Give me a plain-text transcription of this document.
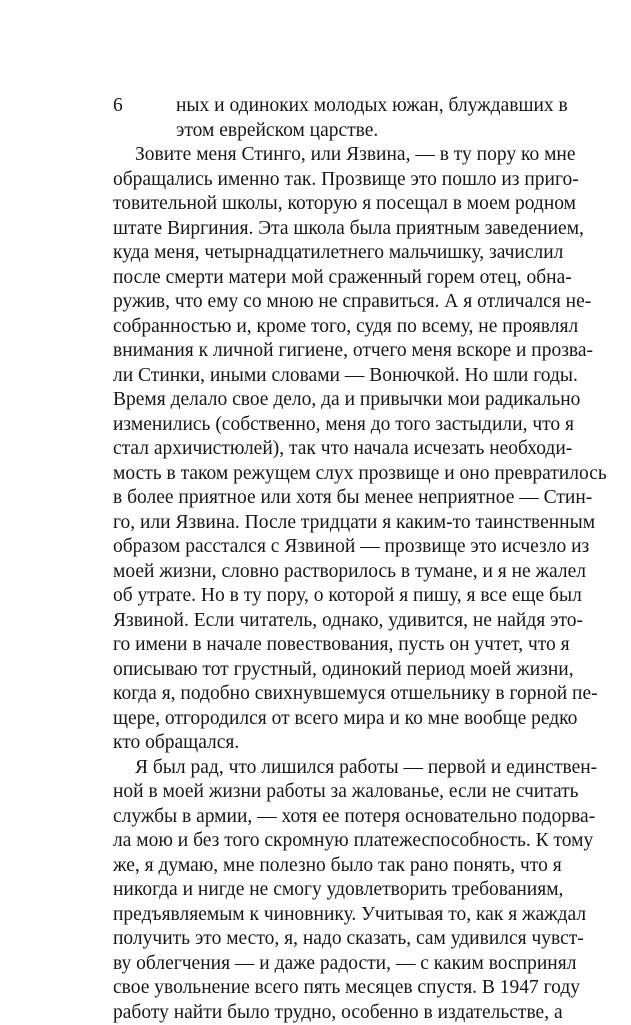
6	ных и одиноких молодых южан, блуждавших в
этом еврейском царстве.
Зовите меня Стинго, или Язвина, — в ту пору ко мне
обращались именно так. Прозвище это пошло из приго-
товительной школы, которую я посещал в моем родном
штате Виргиния. Эта школа была приятным заведением,
куда меня, четырнадцатилетнего мальчишку, зачислил
после смерти матери мой сраженный горем отец, обна-
ружив, что ему со мною не справиться. А я отличался не-
собранностью и, кроме того, судя по всему, не проявлял
внимания к личной гигиене, отчего меня вскоре и прозва-
ли Стинки, иными словами — Вонючкой. Но шли годы.
Время делало свое дело, да и привычки мои радикально
изменились (собственно, меня до того застыдили, что я
стал архичистюлей), так что начала исчезать необходи-
мость в таком режущем слух прозвище и оно превратилось
в более приятное или хотя бы менее неприятное — Стин-
го, или Язвина. После тридцати я каким-то таинственным
образом расстался с Язвиной — прозвище это исчезло из
моей жизни, словно растворилось в тумане, и я не жалел
об утрате. Но в ту пору, о которой я пишу, я все еще был
Язвиной. Если читатель, однако, удивится, не найдя это-
го имени в начале повествования, пусть он учтет, что я
описываю тот грустный, одинокий период моей жизни,
когда я, подобно свихнувшемуся отшельнику в горной пе-
щере, отгородился от всего мира и ко мне вообще редко
кто обращался.
Я был рад, что лишился работы — первой и единствен-
ной в моей жизни работы за жалованье, если не считать
службы в армии, — хотя ее потеря основательно подорва-
ла мою и без того скромную платежеспособность. К тому
же, я думаю, мне полезно было так рано понять, что я
никогда и нигде не смогу удовлетворить требованиям,
предъявляемым к чиновнику. Учитывая то, как я жаждал
получить это место, я, надо сказать, сам удивился чувст-
ву облегчения — и даже радости, — с каким воспринял
свое увольнение всего пять месяцев спустя. В 1947 году
работу найти было трудно, особенно в издательстве, а
